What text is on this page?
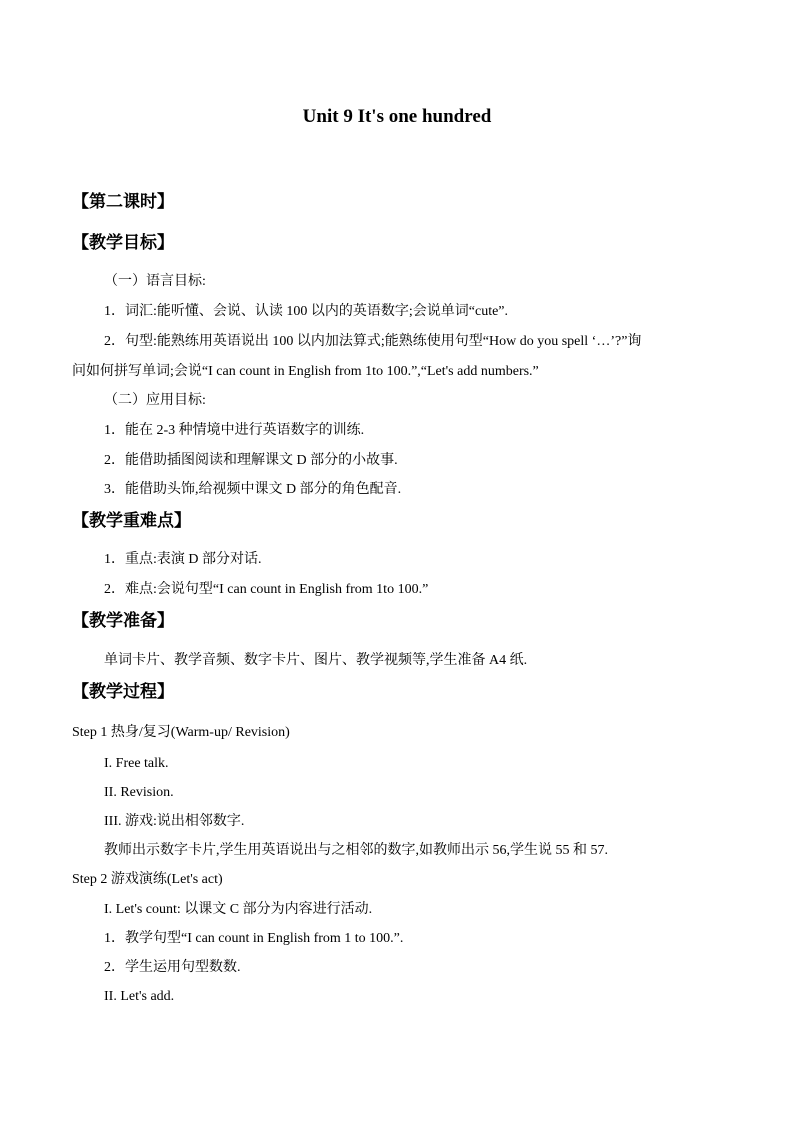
Unit 9 It's one hundred
【第二课时】
【教学目标】
（一）语言目标:
1．词汇:能听懂、会说、认读 100 以内的英语数字;会说单词“cute”.
2．句型:能熟练用英语说出 100 以内加法算式;能熟练使用句型“How do you spell ‘…’?”询
问如何拼写单词;会说“I can count in English from 1to 100.”,“Let's add numbers.”
（二）应用目标:
1．能在 2-3 种情境中进行英语数字的训练.
2．能借助插图阅读和理解课文 D 部分的小故事.
3．能借助头饰,给视频中课文 D 部分的角色配音.
【教学重难点】
1．重点:表演 D 部分对话.
2．难点:会说句型“I can count in English from 1to 100.”
【教学准备】
单词卡片、教学音频、数字卡片、图片、教学视频等,学生准备 A4 纸.
【教学过程】
Step 1 热身/复习(Warm-up/ Revision)
I. Free talk.
II. Revision.
III. 游戏:说出相邻数字.
教师出示数字卡片,学生用英语说出与之相邻的数字,如教师出示 56,学生说 55 和 57.
Step 2 游戏演练(Let's act)
I. Let's count: 以课文 C 部分为内容进行活动.
1．教学句型“I can count in English from 1 to 100.”.
2．学生运用句型数数.
II. Let's add.
